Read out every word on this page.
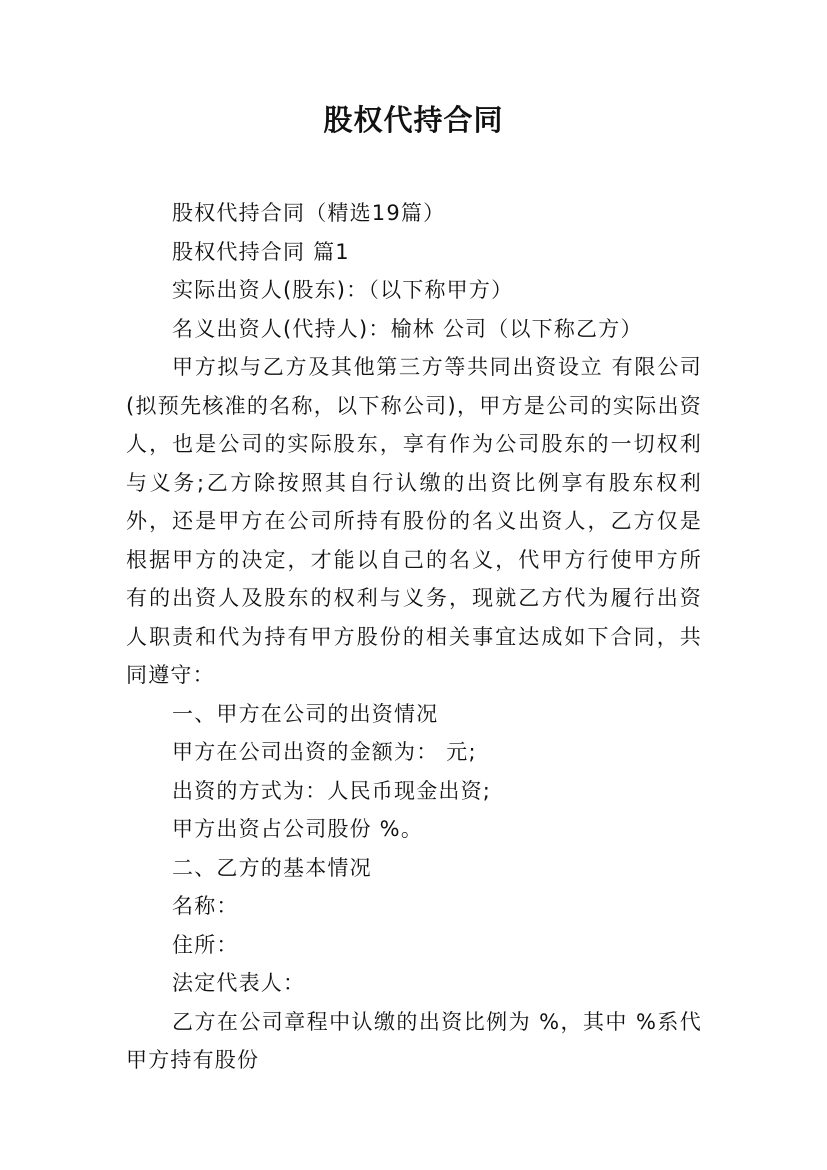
股权代持合同

股权代持合同（精选19篇）

股权代持合同 篇1

实际出资人(股东)：（以下称甲方）

名义出资人(代持人)：榆林 公司（以下称乙方）

甲方拟与乙方及其他第三方等共同出资设立 有限公司(拟预先核准的名称，以下称公司)，甲方是公司的实际出资人，也是公司的实际股东，享有作为公司股东的一切权利与义务;乙方除按照其自行认缴的出资比例享有股东权利外，还是甲方在公司所持有股份的名义出资人，乙方仅是根据甲方的决定，才能以自己的名义，代甲方行使甲方所有的出资人及股东的权利与义务，现就乙方代为履行出资人职责和代为持有甲方股份的相关事宜达成如下合同，共同遵守：

一、甲方在公司的出资情况

甲方在公司出资的金额为： 元;

出资的方式为：人民币现金出资;

甲方出资占公司股份 %。

二、乙方的基本情况

名称：

住所：

法定代表人：

乙方在公司章程中认缴的出资比例为 %，其中 %系代甲方持有股份
